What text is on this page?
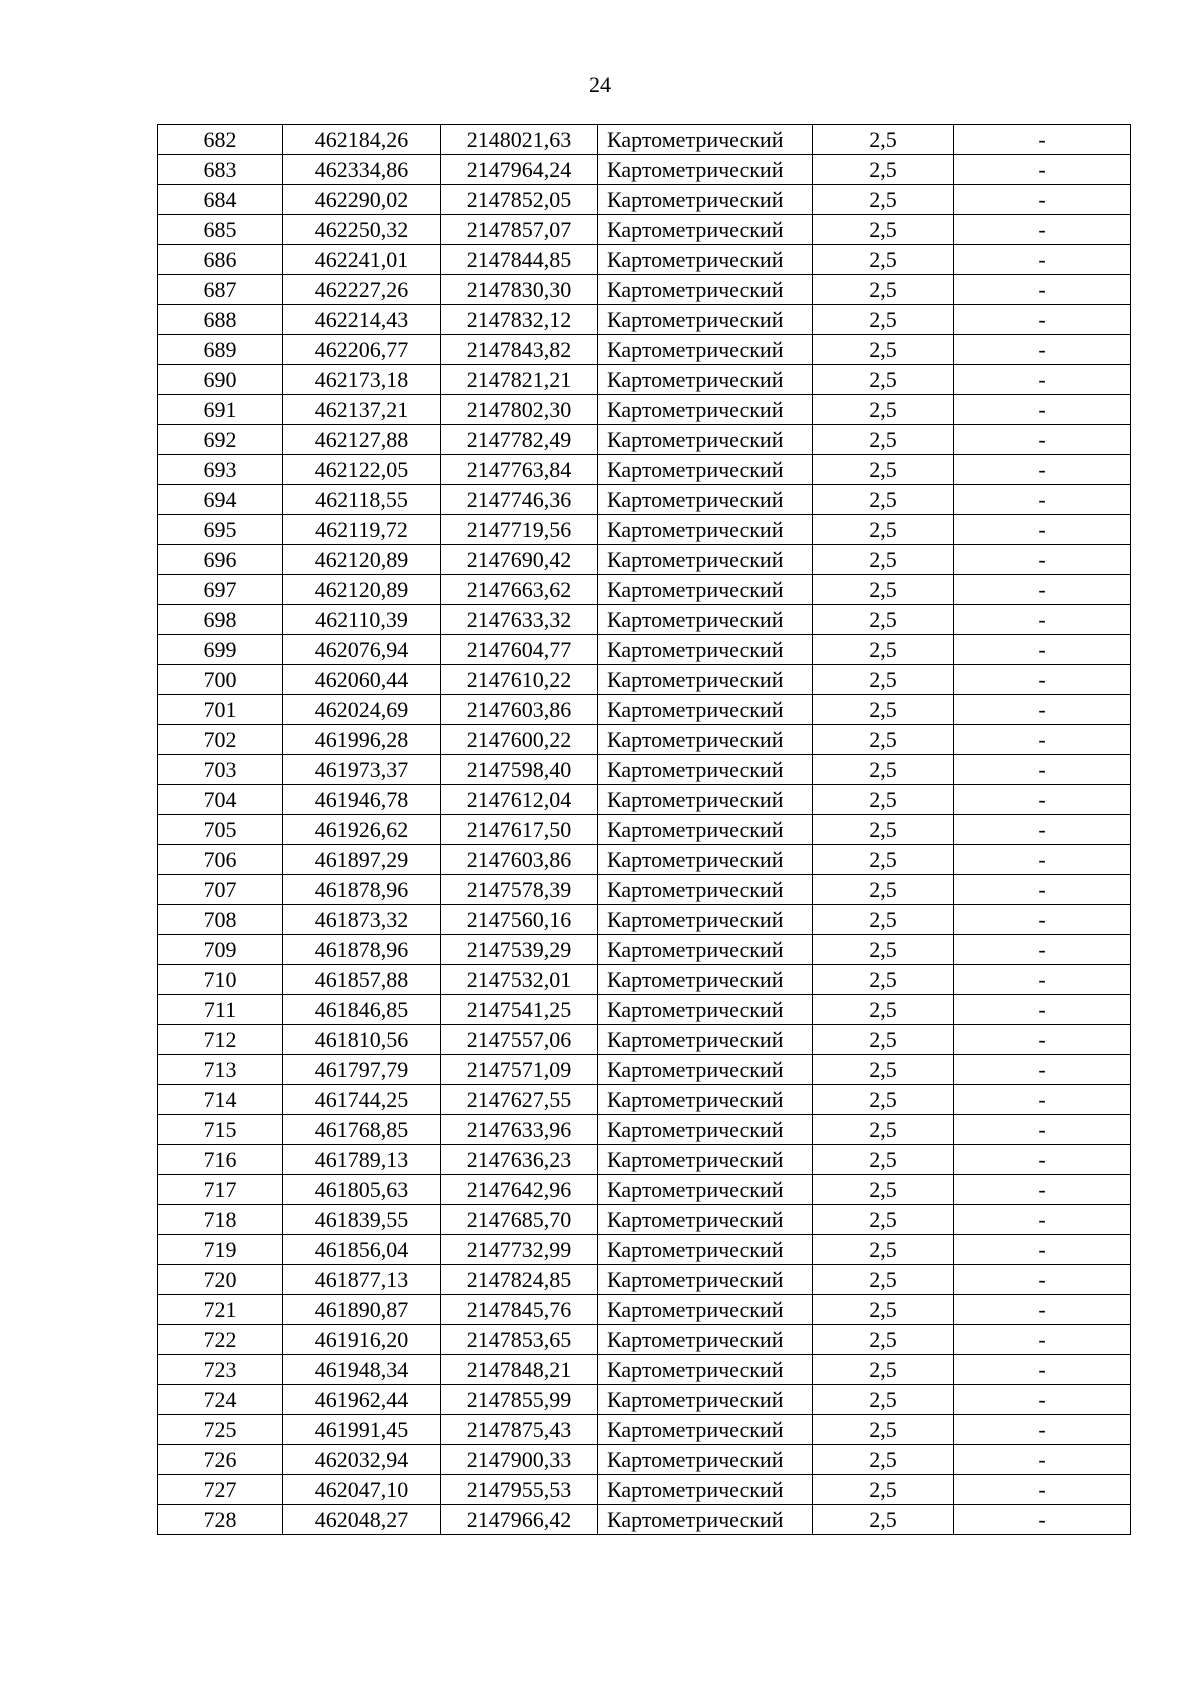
24
682	462184,26	2148021,63	Картометрический	2,5	-
683	462334,86	2147964,24	Картометрический	2,5	-
684	462290,02	2147852,05	Картометрический	2,5	-
685	462250,32	2147857,07	Картометрический	2,5	-
686	462241,01	2147844,85	Картометрический	2,5	-
687	462227,26	2147830,30	Картометрический	2,5	-
688	462214,43	2147832,12	Картометрический	2,5	-
689	462206,77	2147843,82	Картометрический	2,5	-
690	462173,18	2147821,21	Картометрический	2,5	-
691	462137,21	2147802,30	Картометрический	2,5	-
692	462127,88	2147782,49	Картометрический	2,5	-
693	462122,05	2147763,84	Картометрический	2,5	-
694	462118,55	2147746,36	Картометрический	2,5	-
695	462119,72	2147719,56	Картометрический	2,5	-
696	462120,89	2147690,42	Картометрический	2,5	-
697	462120,89	2147663,62	Картометрический	2,5	-
698	462110,39	2147633,32	Картометрический	2,5	-
699	462076,94	2147604,77	Картометрический	2,5	-
700	462060,44	2147610,22	Картометрический	2,5	-
701	462024,69	2147603,86	Картометрический	2,5	-
702	461996,28	2147600,22	Картометрический	2,5	-
703	461973,37	2147598,40	Картометрический	2,5	-
704	461946,78	2147612,04	Картометрический	2,5	-
705	461926,62	2147617,50	Картометрический	2,5	-
706	461897,29	2147603,86	Картометрический	2,5	-
707	461878,96	2147578,39	Картометрический	2,5	-
708	461873,32	2147560,16	Картометрический	2,5	-
709	461878,96	2147539,29	Картометрический	2,5	-
710	461857,88	2147532,01	Картометрический	2,5	-
711	461846,85	2147541,25	Картометрический	2,5	-
712	461810,56	2147557,06	Картометрический	2,5	-
713	461797,79	2147571,09	Картометрический	2,5	-
714	461744,25	2147627,55	Картометрический	2,5	-
715	461768,85	2147633,96	Картометрический	2,5	-
716	461789,13	2147636,23	Картометрический	2,5	-
717	461805,63	2147642,96	Картометрический	2,5	-
718	461839,55	2147685,70	Картометрический	2,5	-
719	461856,04	2147732,99	Картометрический	2,5	-
720	461877,13	2147824,85	Картометрический	2,5	-
721	461890,87	2147845,76	Картометрический	2,5	-
722	461916,20	2147853,65	Картометрический	2,5	-
723	461948,34	2147848,21	Картометрический	2,5	-
724	461962,44	2147855,99	Картометрический	2,5	-
725	461991,45	2147875,43	Картометрический	2,5	-
726	462032,94	2147900,33	Картометрический	2,5	-
727	462047,10	2147955,53	Картометрический	2,5	-
728	462048,27	2147966,42	Картометрический	2,5	-
